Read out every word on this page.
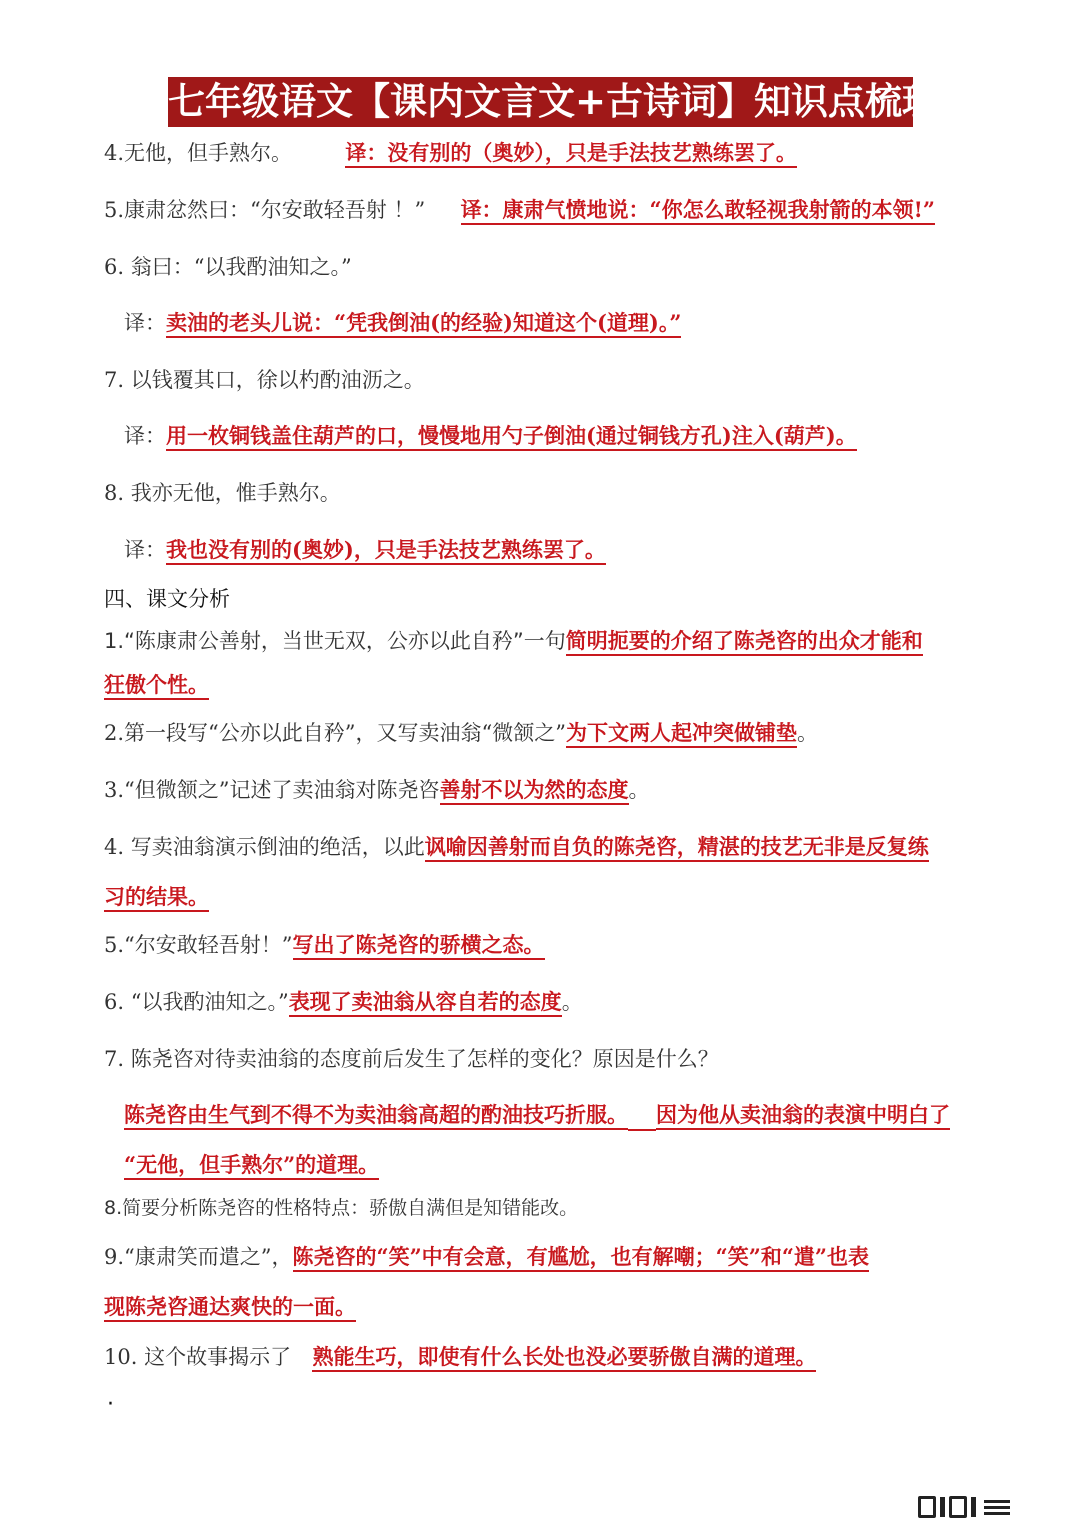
七年级语文【课内文言文+古诗词】知识点梳理
4.无他，但手熟尔。	译：没有别的（奥妙），只是手法技艺熟练罢了。
5.康肃忿然曰：“尔安敢轻吾射 ！” 译：康肃气愤地说：“你怎么敢轻视我射箭的本领!”
6. 翁曰：“以我酌油知之。”
译：卖油的老头儿说：“凭我倒油(的经验)知道这个(道理)。”
7. 以钱覆其口，徐以杓酌油沥之。
译：用一枚铜钱盖住葫芦的口，慢慢地用勺子倒油(通过铜钱方孔)注入(葫芦)。
8. 我亦无他，惟手熟尔。
译：我也没有别的(奥妙)，只是手法技艺熟练罢了。
四、课文分析
1.“陈康肃公善射，当世无双，公亦以此自矜”一句简明扼要的介绍了陈尧咨的出众才能和
狂傲个性。
2.第一段写“公亦以此自矜”，又写卖油翁“微颔之”为下文两人起冲突做铺垫。
3.“但微颔之”记述了卖油翁对陈尧咨善射不以为然的态度。
4. 写卖油翁演示倒油的绝活，以此讽喻因善射而自负的陈尧咨，精湛的技艺无非是反复练
习的结果。
5.“尔安敢轻吾射！”写出了陈尧咨的骄横之态。
6. “以我酌油知之。”表现了卖油翁从容自若的态度。
7. 陈尧咨对待卖油翁的态度前后发生了怎样的变化？原因是什么？
陈尧咨由生气到不得不为卖油翁高超的酌油技巧折服。 因为他从卖油翁的表演中明白了
“无他，但手熟尔”的道理。
8.简要分析陈尧咨的性格特点：骄傲自满但是知错能改。
9.“康肃笑而遣之”，陈尧咨的“笑”中有会意，有尴尬，也有解嘲；“笑”和“遣”也表
现陈尧咨通达爽快的一面。
10. 这个故事揭示了 熟能生巧，即使有什么长处也没必要骄傲自满的道理。
·
